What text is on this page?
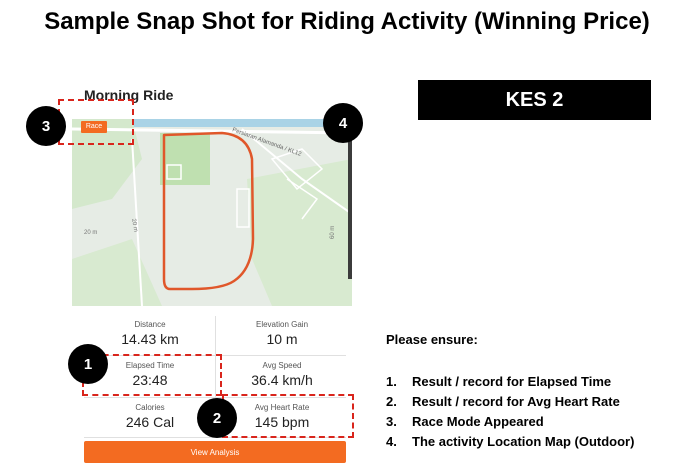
Sample Snap Shot for Riding Activity (Winning Price)
KES 2
Morning Ride
Persiaran Alamanda / KL12
20 m
20 m	60 m
Race
Distance
14.43 km
Elevation Gain
10 m
Elapsed Time
23:48
Avg Speed
36.4 km/h
Calories
246 Cal
Avg Heart Rate
145 bpm
View Analysis
3	4
1
2
Please ensure:
1. Result / record for Elapsed Time
2. Result / record for Avg Heart Rate
3. Race Mode Appeared
4. The activity Location Map (Outdoor)
